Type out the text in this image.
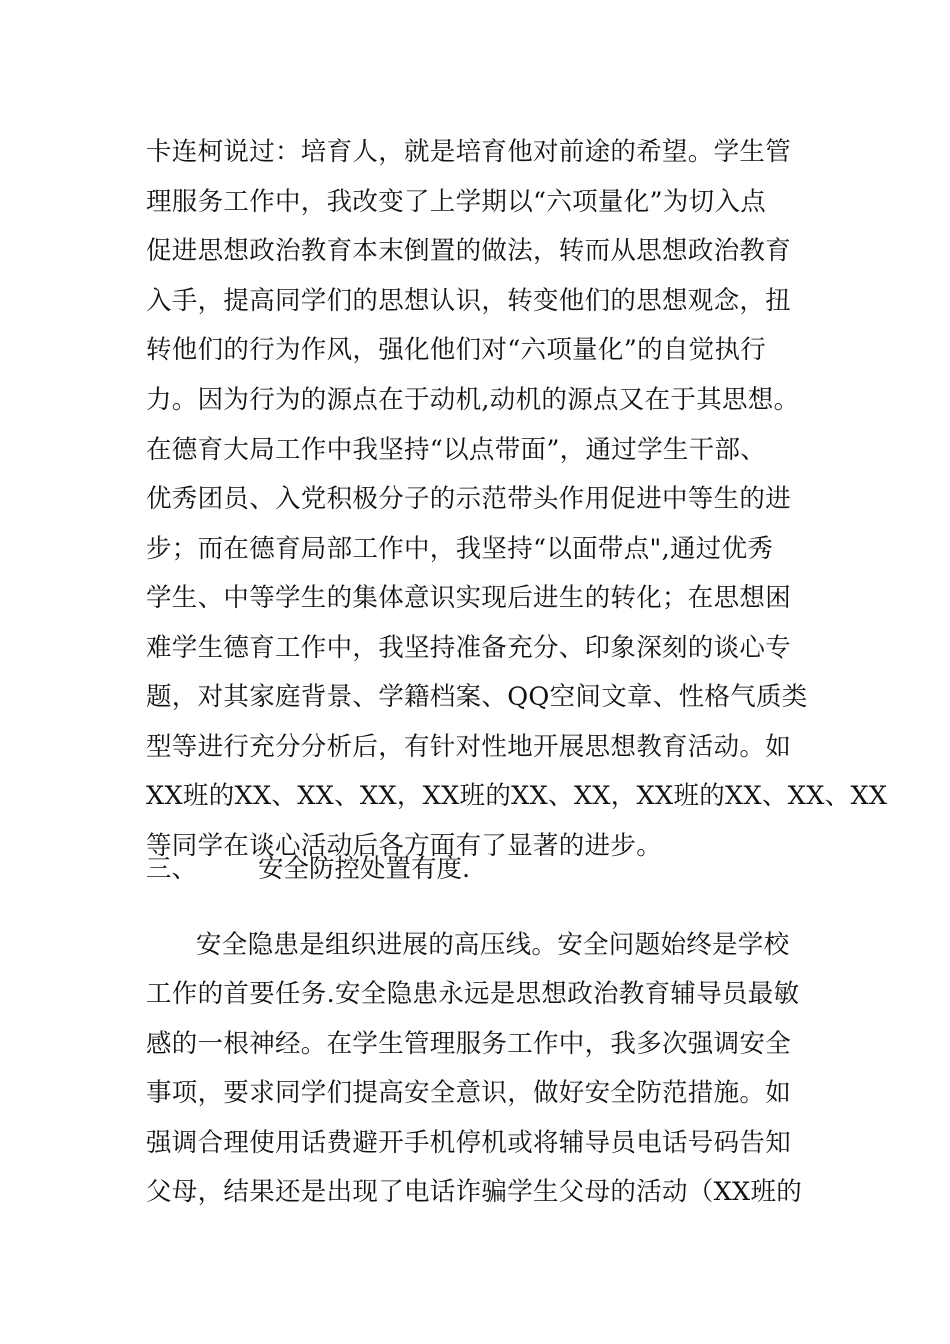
卡连柯说过：培育人，就是培育他对前途的希望。学生管
理服务工作中，我改变了上学期以“六项量化”为切入点
促进思想政治教育本末倒置的做法，转而从思想政治教育
入手，提高同学们的思想认识，转变他们的思想观念，扭
转他们的行为作风，强化他们对“六项量化”的自觉执行
力。因为行为的源点在于动机,动机的源点又在于其思想。
在德育大局工作中我坚持“以点带面”，通过学生干部、
优秀团员、入党积极分子的示范带头作用促进中等生的进
步；而在德育局部工作中，我坚持“以面带点",通过优秀
学生、中等学生的集体意识实现后进生的转化；在思想困
难学生德育工作中，我坚持准备充分、印象深刻的谈心专
题，对其家庭背景、学籍档案、QQ空间文章、性格气质类
型等进行充分分析后，有针对性地开展思想教育活动。如
XX班的XX、XX、XX，XX班的XX、XX，XX班的XX、XX、XX
等同学在谈心活动后各方面有了显著的进步。
三、 安全防控处置有度.
安全隐患是组织进展的高压线。安全问题始终是学校
工作的首要任务.安全隐患永远是思想政治教育辅导员最敏
感的一根神经。在学生管理服务工作中，我多次强调安全
事项，要求同学们提高安全意识，做好安全防范措施。如
强调合理使用话费避开手机停机或将辅导员电话号码告知
父母，结果还是出现了电话诈骗学生父母的活动（XX班的
